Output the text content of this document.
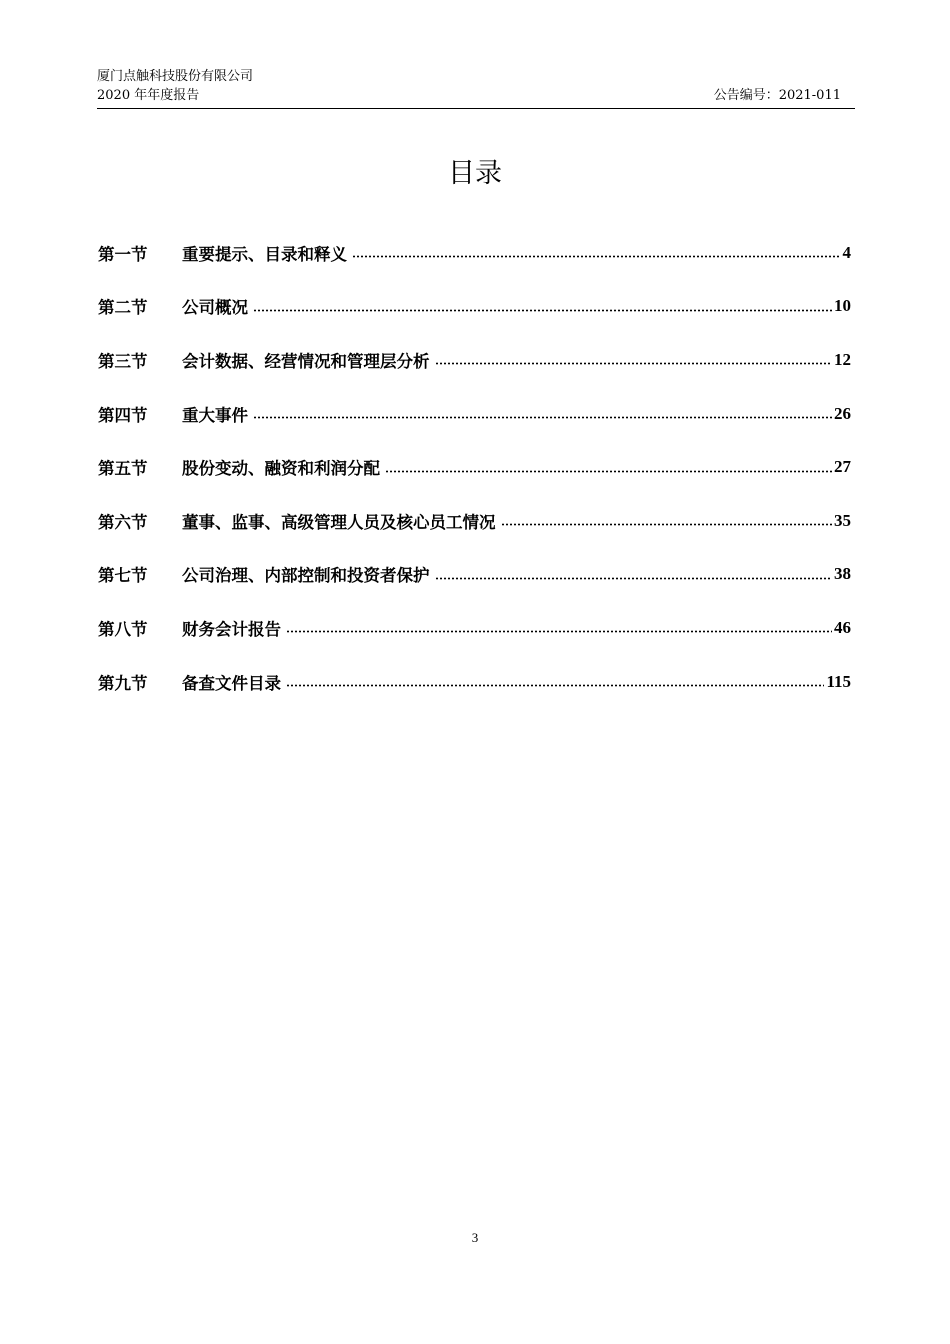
厦门点触科技股份有限公司
2020 年年度报告	公告编号：2021-011
目录
第一节	重要提示、目录和释义	4
第二节	公司概况	10
第三节	会计数据、经营情况和管理层分析	12
第四节	重大事件	26
第五节	股份变动、融资和利润分配	27
第六节	董事、监事、高级管理人员及核心员工情况	35
第七节	公司治理、内部控制和投资者保护	38
第八节	财务会计报告	46
第九节	备查文件目录	115
3
